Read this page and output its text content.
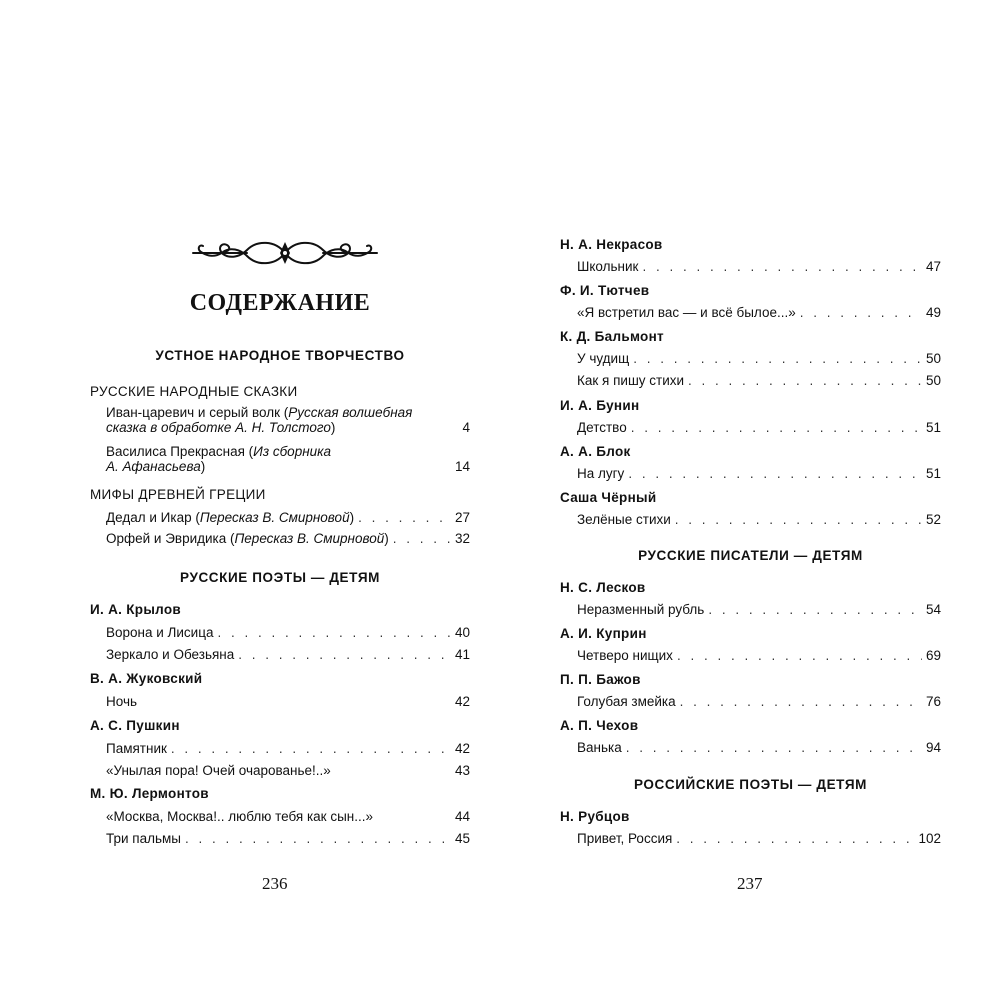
СОДЕРЖАНИЕ
УСТНОЕ НАРОДНОЕ ТВОРЧЕСТВО
РУССКИЕ НАРОДНЫЕ СКАЗКИ
Иван-царевич и серый волк (Русская волшебная
сказка в обработке А. Н. Толстого)	4
Василиса Прекрасная (Из сборника
А. Афанасьева)	14
МИФЫ ДРЕВНЕЙ ГРЕЦИИ
Дедал и Икар (Пересказ В. Смирновой) . . .	27
Орфей и Эвридика (Пересказ В. Смирновой) . . .	32
РУССКИЕ ПОЭТЫ — ДЕТЯМ
И. А. Крылов
Ворона и Лисица . . .	40
Зеркало и Обезьяна . . .	41
В. А. Жуковский
Ночь	42
А. С. Пушкин
Памятник . . .	42
«Унылая пора! Очей очарованье!..»	43
М. Ю. Лермонтов
«Москва, Москва!.. люблю тебя как сын...»	44
Три пальмы . . .	45
236
Н. А. Некрасов
Школьник . . .	47
Ф. И. Тютчев
«Я встретил вас — и всё былое...» . . .	49
К. Д. Бальмонт
У чудищ . . .	50
Как я пишу стихи . . .	50
И. А. Бунин
Детство . . .	51
А. А. Блок
На лугу . . .	51
Саша Чёрный
Зелёные стихи . . .	52
РУССКИЕ ПИСАТЕЛИ — ДЕТЯМ
Н. С. Лесков
Неразменный рубль . . .	54
А. И. Куприн
Четверо нищих . . .	69
П. П. Бажов
Голубая змейка . . .	76
А. П. Чехов
Ванька . . .	94
РОССИЙСКИЕ ПОЭТЫ — ДЕТЯМ
Н. Рубцов
Привет, Россия . . .	102
237
